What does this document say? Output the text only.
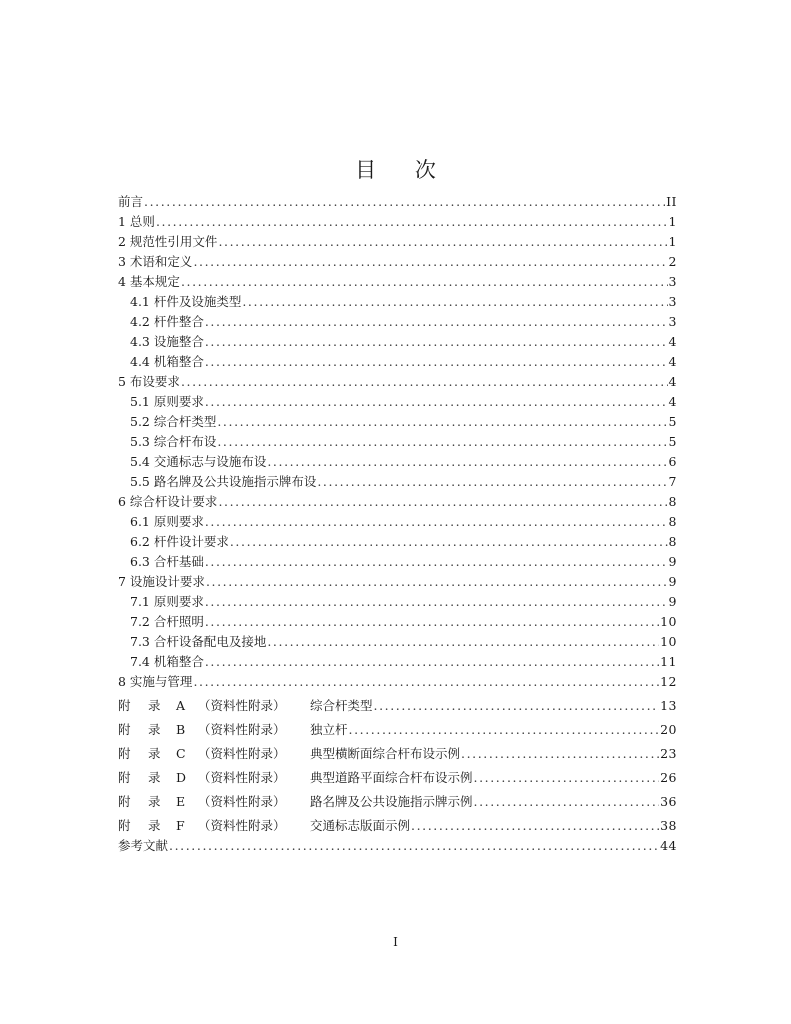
目 次
前言 .....	II
1 总则 .....	1
2 规范性引用文件 .....	1
3 术语和定义 .....	2
4 基本规定 .....	3
4.1 杆件及设施类型 .....	3
4.2 杆件整合 .....	3
4.3 设施整合 .....	4
4.4 机箱整合 .....	4
5 布设要求 .....	4
5.1 原则要求 .....	4
5.2 综合杆类型 .....	5
5.3 综合杆布设 .....	5
5.4 交通标志与设施布设 .....	6
5.5 路名牌及公共设施指示牌布设 .....	7
6 综合杆设计要求 .....	8
6.1 原则要求 .....	8
6.2 杆件设计要求 .....	8
6.3 合杆基础 .....	9
7 设施设计要求 .....	9
7.1 原则要求 .....	9
7.2 合杆照明 .....	10
7.3 合杆设备配电及接地 .....	10
7.4 机箱整合 .....	11
8 实施与管理 .....	12
附 录 A （资料性附录） 综合杆类型 .....	13
附 录 B （资料性附录） 独立杆 .....	20
附 录 C （资料性附录） 典型横断面综合杆布设示例 .....	23
附 录 D （资料性附录） 典型道路平面综合杆布设示例 .....	26
附 录 E （资料性附录） 路名牌及公共设施指示牌示例 .....	36
附 录 F （资料性附录） 交通标志版面示例 .....	38
参考文献 .....	44
I
